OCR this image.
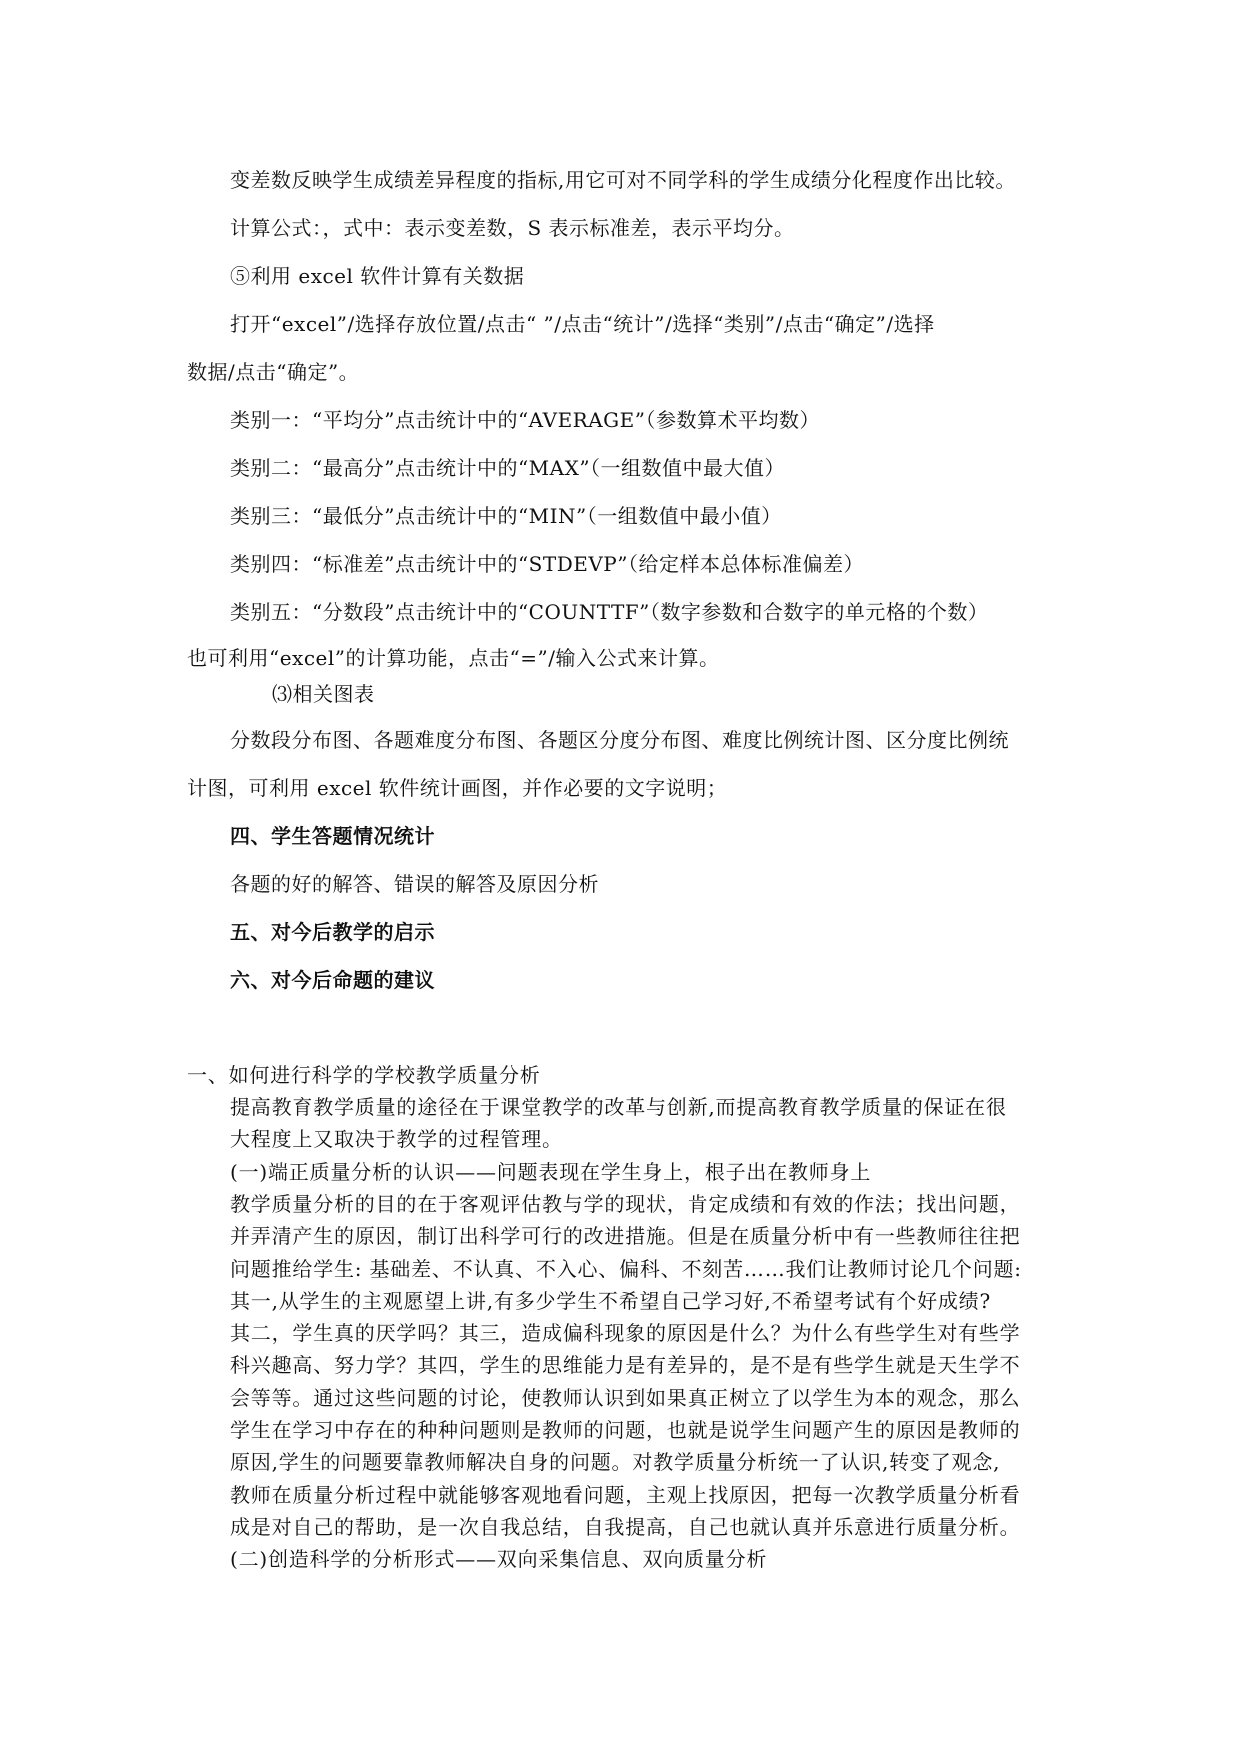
变差数反映学生成绩差异程度的指标,用它可对不同学科的学生成绩分化程度作出比较。
计算公式：，式中：表示变差数，S 表示标准差，表示平均分。
⑤利用 excel 软件计算有关数据
打开“excel”/选择存放位置/点击“ ”/点击“统计”/选择“类别”/点击“确定”/选择
数据/点击“确定”。
类别一：“平均分”点击统计中的“AVERAGE”（参数算术平均数）
类别二：“最高分”点击统计中的“MAX”（一组数值中最大值）
类别三：“最低分”点击统计中的“MIN”（一组数值中最小值）
类别四：“标准差”点击统计中的“STDEVP”（给定样本总体标准偏差）
类别五：“分数段”点击统计中的“COUNTTF”（数字参数和合数字的单元格的个数）
也可利用“excel”的计算功能，点击“=”/输入公式来计算。
⑶相关图表
分数段分布图、各题难度分布图、各题区分度分布图、难度比例统计图、区分度比例统
计图，可利用 excel 软件统计画图，并作必要的文字说明；
四、学生答题情况统计
各题的好的解答、错误的解答及原因分析
五、对今后教学的启示
六、对今后命题的建议
一、如何进行科学的学校教学质量分析
提高教育教学质量的途径在于课堂教学的改革与创新,而提高教育教学质量的保证在很
大程度上又取决于教学的过程管理。
(一)端正质量分析的认识——问题表现在学生身上，根子出在教师身上
教学质量分析的目的在于客观评估教与学的现状，肯定成绩和有效的作法；找出问题，
并弄清产生的原因，制订出科学可行的改进措施。但是在质量分析中有一些教师往往把
问题推给学生: 基础差、不认真、不入心、偏科、不刻苦……我们让教师讨论几个问题:
其一,从学生的主观愿望上讲,有多少学生不希望自己学习好,不希望考试有个好成绩?
其二，学生真的厌学吗？其三，造成偏科现象的原因是什么？为什么有些学生对有些学
科兴趣高、努力学？其四，学生的思维能力是有差异的，是不是有些学生就是天生学不
会等等。通过这些问题的讨论，使教师认识到如果真正树立了以学生为本的观念，那么
学生在学习中存在的种种问题则是教师的问题，也就是说学生问题产生的原因是教师的
原因,学生的问题要靠教师解决自身的问题。对教学质量分析统一了认识,转变了观念,
教师在质量分析过程中就能够客观地看问题，主观上找原因，把每一次教学质量分析看
成是对自己的帮助，是一次自我总结，自我提高，自己也就认真并乐意进行质量分析。
(二)创造科学的分析形式——双向采集信息、双向质量分析
